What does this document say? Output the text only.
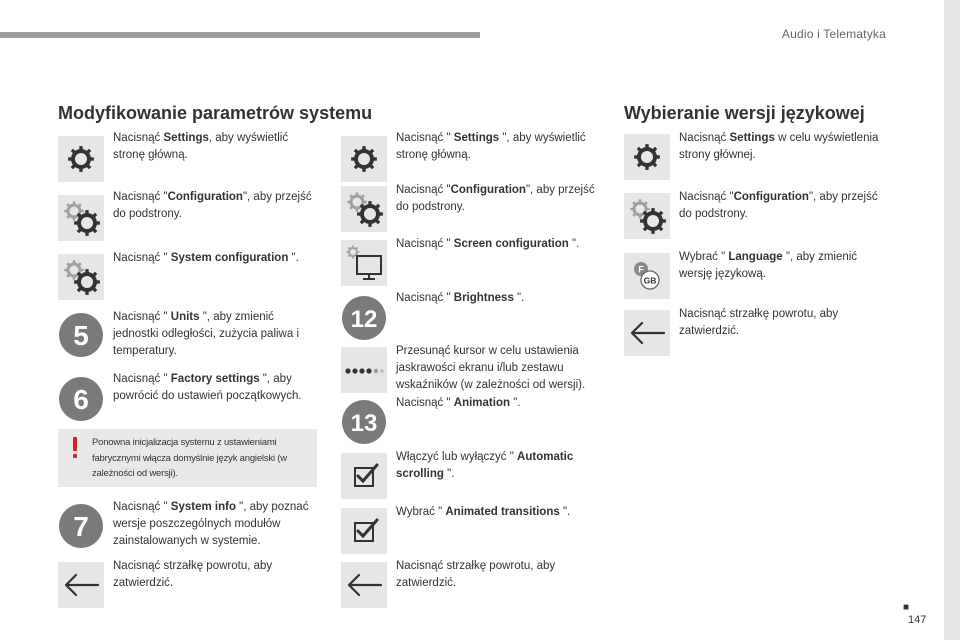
Audio i Telematyka
Modyfikowanie parametrów systemu	Wybieranie wersji językowej
Nacisnąć Settings, aby wyświetlić stronę główną.
Nacisnąć "Configuration", aby przejść do podstrony.
Nacisnąć " System configuration ".
5
Nacisnąć " Units ", aby zmienić jednostki odległości, zużycia paliwa i temperatury.
6
Nacisnąć " Factory settings ", aby powrócić do ustawień początkowych.
Ponowna inicjalizacja systemu z ustawieniami fabrycznymi włącza domyślnie język angielski (w zależności od wersji).
7
Nacisnąć " System info ", aby poznać wersje poszczególnych modułów zainstalowanych w systemie.
Nacisnąć strzałkę powrotu, aby zatwierdzić.
Nacisnąć " Settings ", aby wyświetlić stronę główną.
Nacisnąć "Configuration", aby przejść do podstrony.
Nacisnąć " Screen configuration ".
12
Nacisnąć " Brightness ".
Przesunąć kursor w celu ustawienia jaskrawości ekranu i/lub zestawu wskaźników (w zależności od wersji).
13
Nacisnąć " Animation ".
Włączyć lub wyłączyć " Automatic scrolling ".
Wybrać " Animated transitions ".
Nacisnąć strzałkę powrotu, aby zatwierdzić.
Nacisnąć Settings w celu wyświetlenia strony głównej.
Nacisnąć "Configuration", aby przejść do podstrony.
F
GB
Wybrać " Language ", aby zmienić wersję językową.
Nacisnąć strzałkę powrotu, aby zatwierdzić.
■
147
